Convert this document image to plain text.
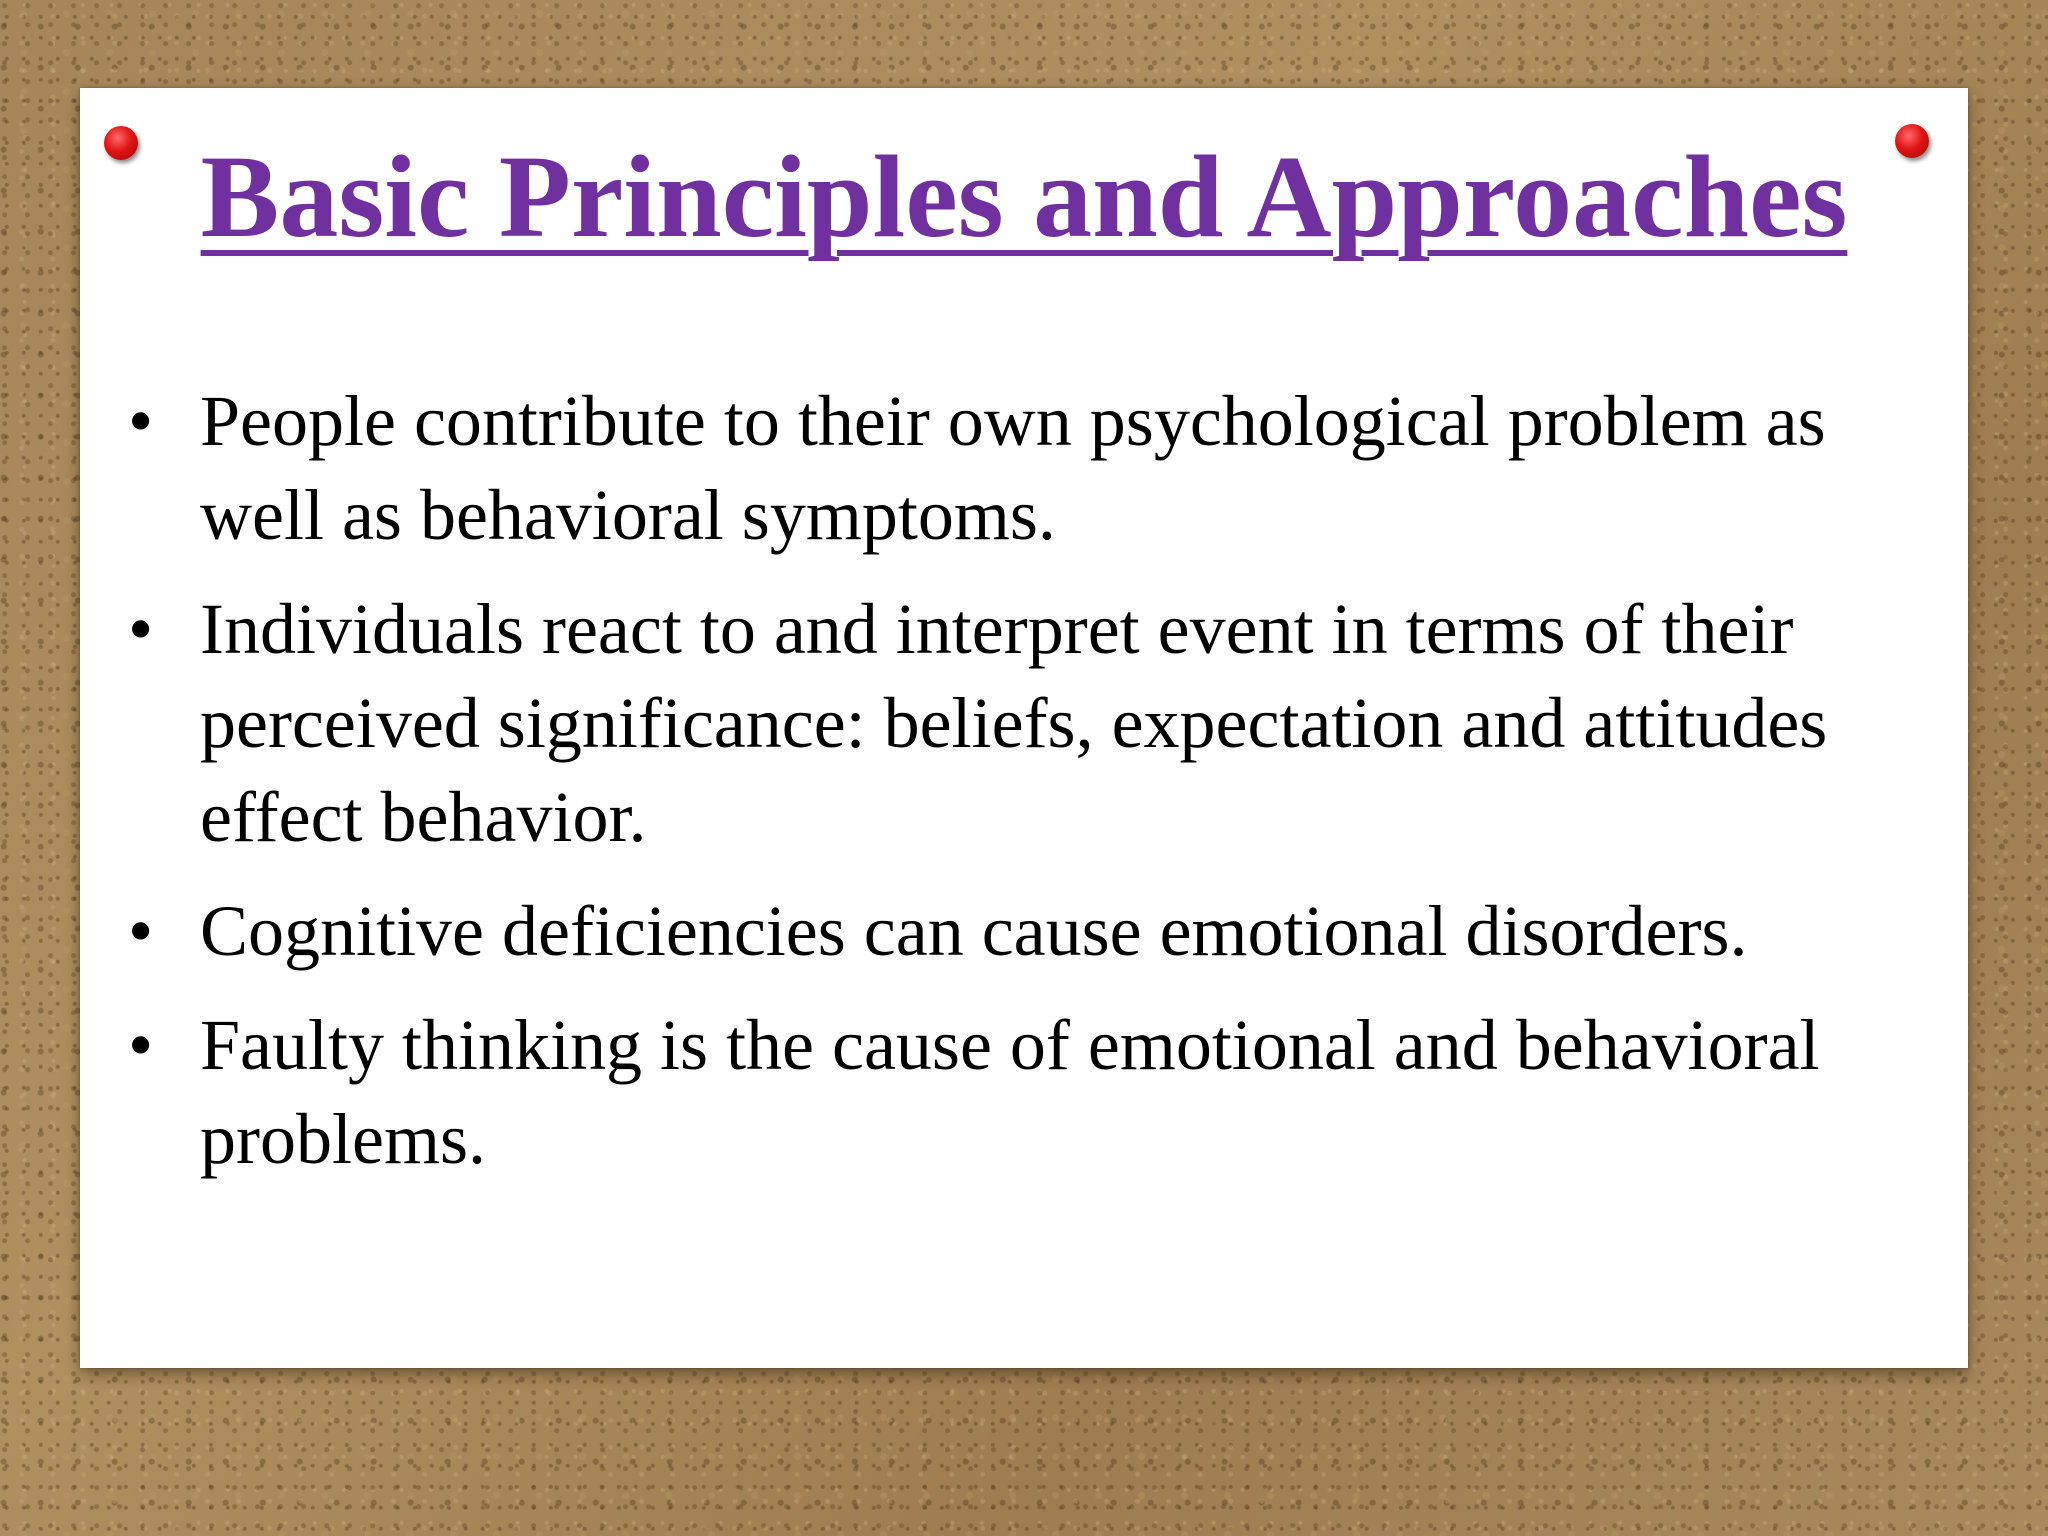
Basic Principles and Approaches
• People contribute to their own psychological problem as well as behavioral symptoms.
• Individuals react to and interpret event in terms of their perceived significance: beliefs, expectation and attitudes effect behavior.
• Cognitive deficiencies can cause emotional disorders.
• Faulty thinking is the cause of emotional and behavioral problems.
